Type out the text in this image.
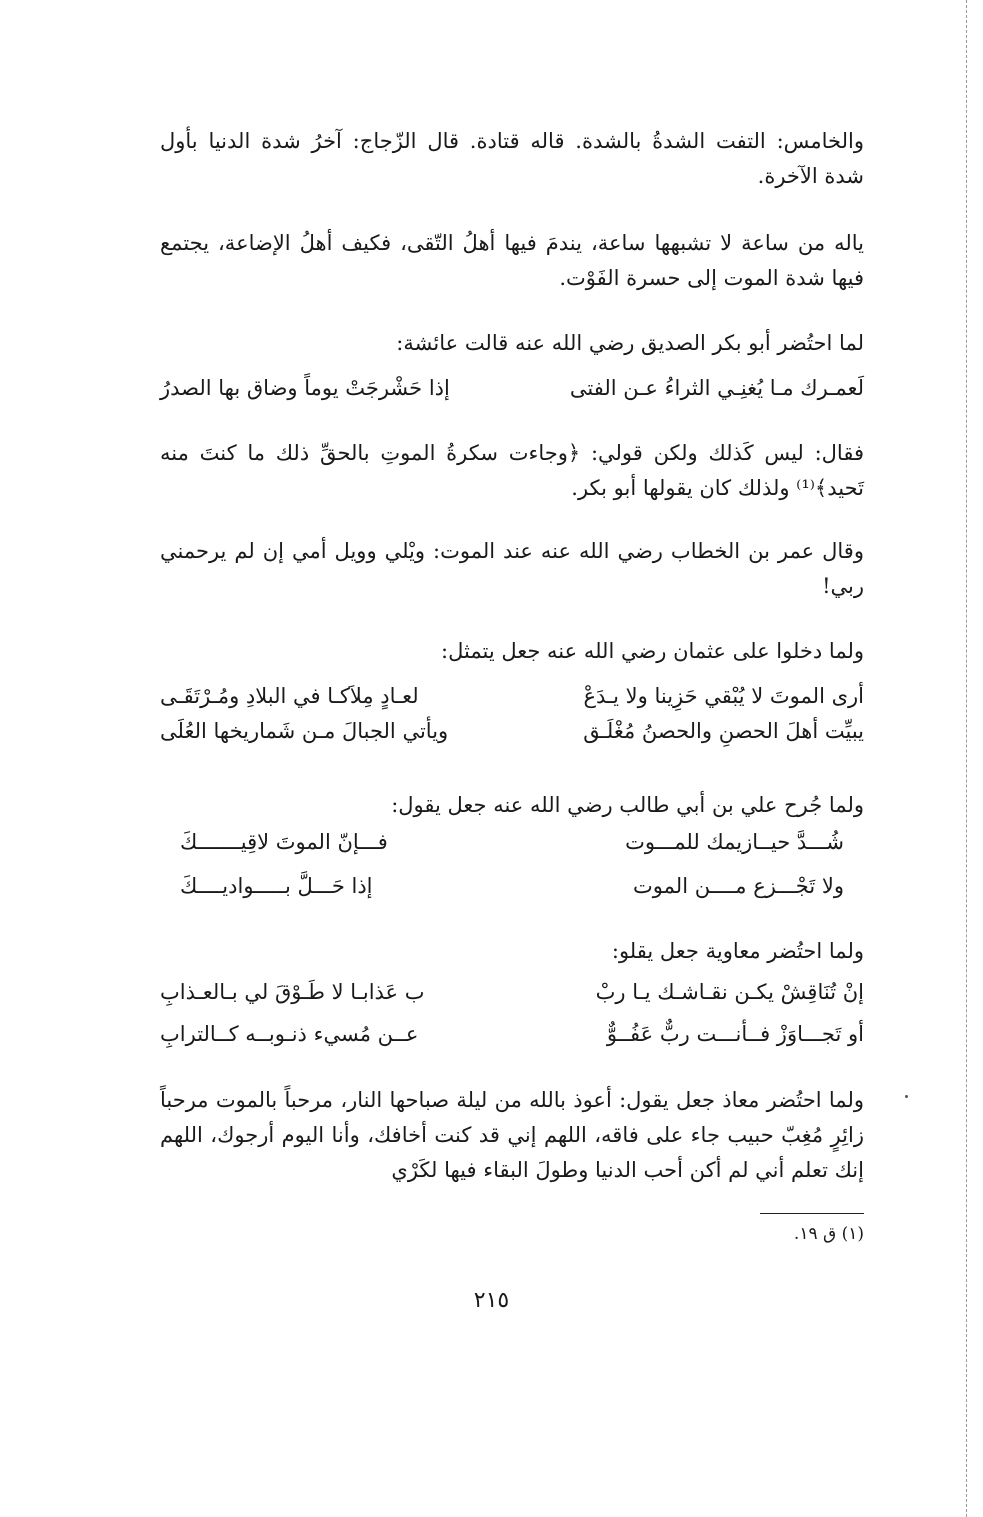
والخامس: التفت الشدةُ بالشدة. قاله قتادة. قال الزّجاج: آخرُ شدة الدنيا بأول شدة الآخرة.
ياله من ساعة لا تشبهها ساعة، يندمَ فيها أهلُ التّقى، فكيف أهلُ الإضاعة، يجتمع فيها شدة الموت إلى حسرة الفَوْت.
لما احتُضر أبو بكر الصديق رضي الله عنه قالت عائشة:
لَعمـرك مـا يُغنِـي الثراءُ عـن الفتى
إذا حَشْرجَتْ يوماً وضاق بها الصدرُ
فقال: ليس كَذلك ولكن قولي: ﴿وجاءت سكرةُ الموتِ بالحقِّ ذلك ما كنتَ منه تَحيد﴾⁽¹⁾ ولذلك كان يقولها أبو بكر.
وقال عمر بن الخطاب رضي الله عنه عند الموت: ويْلي وويل أمي إن لم يرحمني ربي!
ولما دخلوا على عثمان رضي الله عنه جعل يتمثل:
أرى الموتَ لا يُبْقي حَزِينا ولا يـدَعْ
لعـادٍ مِلاَكـا في البلادِ ومُـرْتَقَـى
يبيِّت أهلَ الحصنِ والحصنُ مُغْلَـق
ويأتي الجبالَ مـن شَماريخها العُلَى
ولما جُرح علي بن أبي طالب رضي الله عنه جعل يقول:
شُـــدَّ حيــازيمك للمـــوت
فـــإنّ الموتَ لاقِيـــــــكَ
ولا تَجْـــزع مــــن الموت
إذا حَـــلَّ بـــــواديــــكَ
ولما احتُضر معاوية جعل يقلو:
إنْ تُنَاقِشْ يكـن نقـاشـك يـا ربْ
ب عَذابـا لا طَـوْقَ لي بـالعـذابِ
أو تَجـــاوَزْ فــأنـــت ربٌّ عَفُــوٌّ
عــن مُسيء ذنـوبــه كــالترابِ
ولما احتُضر معاذ جعل يقول: أعوذ بالله من ليلة صباحها النار، مرحباً بالموت مرحباً زائِرٍ مُغِبّ حبيب جاء على فاقه، اللهم إني قد كنت أخافك، وأنا اليوم أرجوك، اللهم إنك تعلم أني لم أكن أحب الدنيا وطولَ البقاء فيها لكَرْي
(١) ق ١٩.
٢١٥
